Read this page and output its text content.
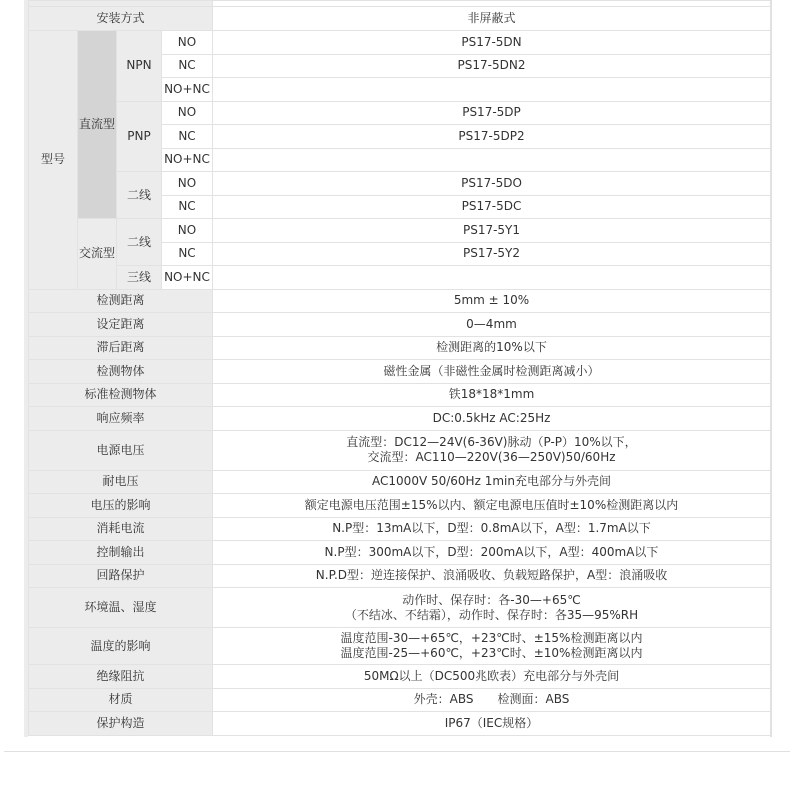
安装方式				非屏蔽式
型号	直流型	NPN	NO	PS17-5DN
			NC	PS17-5DN2
			NO+NC	
		PNP	NO	PS17-5DP
			NC	PS17-5DP2
			NO+NC	
		二线	NO	PS17-5DO
			NC	PS17-5DC
	交流型	二线	NO	PS17-5Y1
			NC	PS17-5Y2
		三线	NO+NC	
检测距离				5mm ± 10%

设定距离				0—4mm

滞后距离				检测距离的10%以下

检测物体				磁性金属（非磁性金属时检测距离减小）

标准检测物体				铁18*18*1mm

响应频率				DC:0.5kHz AC:25Hz

电源电压				直流型：DC12—24V(6-36V)脉动（P-P）10%以下，
交流型：AC110—220V(36—250V)50/60Hz

耐电压				AC1000V 50/60Hz 1min充电部分与外壳间

电压的影响				额定电源电压范围±15%以内、额定电源电压值时±10%检测距离以内

消耗电流				N.P型：13mA以下，D型：0.8mA以下，A型：1.7mA以下

控制输出				N.P型：300mA以下，D型：200mA以下，A型：400mA以下

回路保护				N.P.D型：逆连接保护、浪涌吸收、负载短路保护，A型：浪涌吸收

环境温、湿度				动作时、保存时：各-30—+65℃
（不结冰、不结霜），动作时、保存时：各35—95%RH

温度的影响				温度范围-30—+65℃，+23℃时、±15%检测距离以内
温度范围-25—+60℃，+23℃时、±10%检测距离以内

绝缘阻抗				50MΩ以上（DC500兆欧表）充电部分与外壳间

材质				外壳：ABS　　检测面：ABS

保护构造				IP67（IEC规格）
